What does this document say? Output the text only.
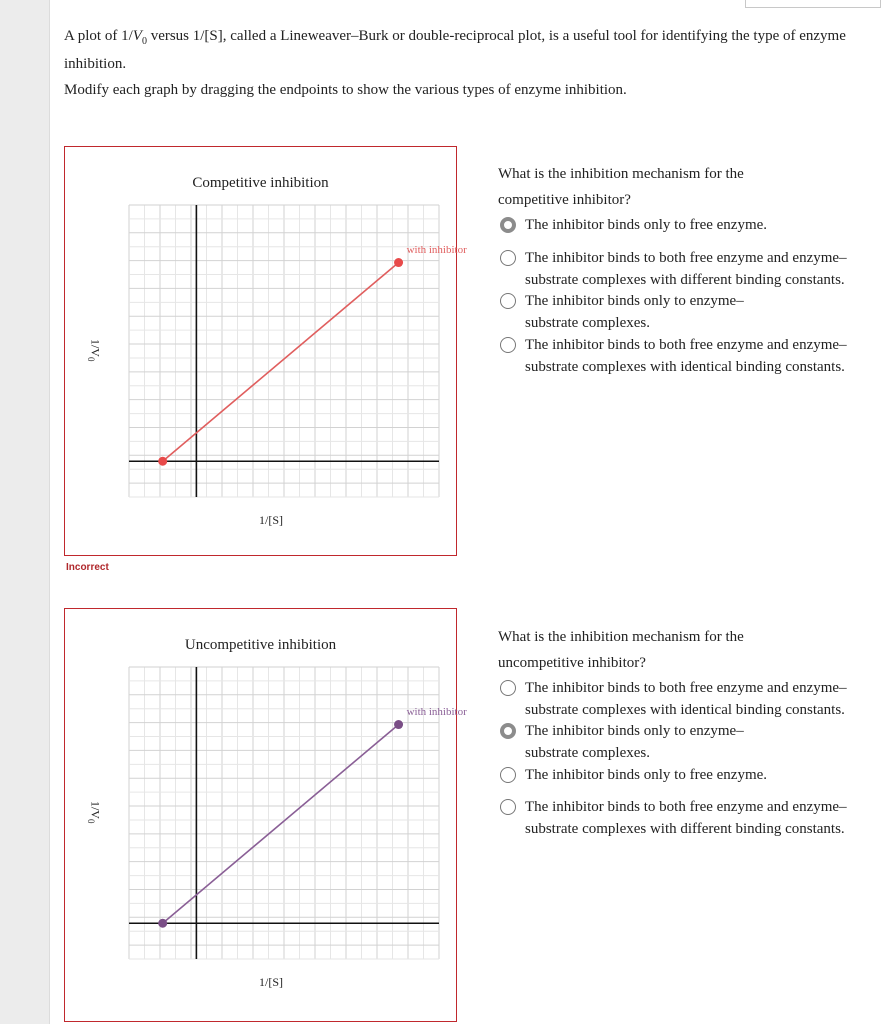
A plot of $1/V_0$ versus 1/[S], called a Lineweaver–Burk or double-reciprocal plot, is a useful tool for identifying the type of enzyme inhibition.

Modify each graph by dragging the endpoints to show the various types of enzyme inhibition.

Competitive inhibition
with inhibitor
$1/V_0$
1/[S]
Incorrect
Uncompetitive inhibition
with inhibitor
$1/V_0$
1/[S]
What is the inhibition mechanism for the
competitive inhibitor?
The inhibitor binds only to free enzyme.
The inhibitor binds to both free enzyme and enzyme–
substrate complexes with different binding constants.
The inhibitor binds only to enzyme–
substrate complexes.
The inhibitor binds to both free enzyme and enzyme–
substrate complexes with identical binding constants.
What is the inhibition mechanism for the
uncompetitive inhibitor?
The inhibitor binds to both free enzyme and enzyme–
substrate complexes with identical binding constants.
The inhibitor binds only to enzyme–
substrate complexes.
The inhibitor binds only to free enzyme.
The inhibitor binds to both free enzyme and enzyme–
substrate complexes with different binding constants.
